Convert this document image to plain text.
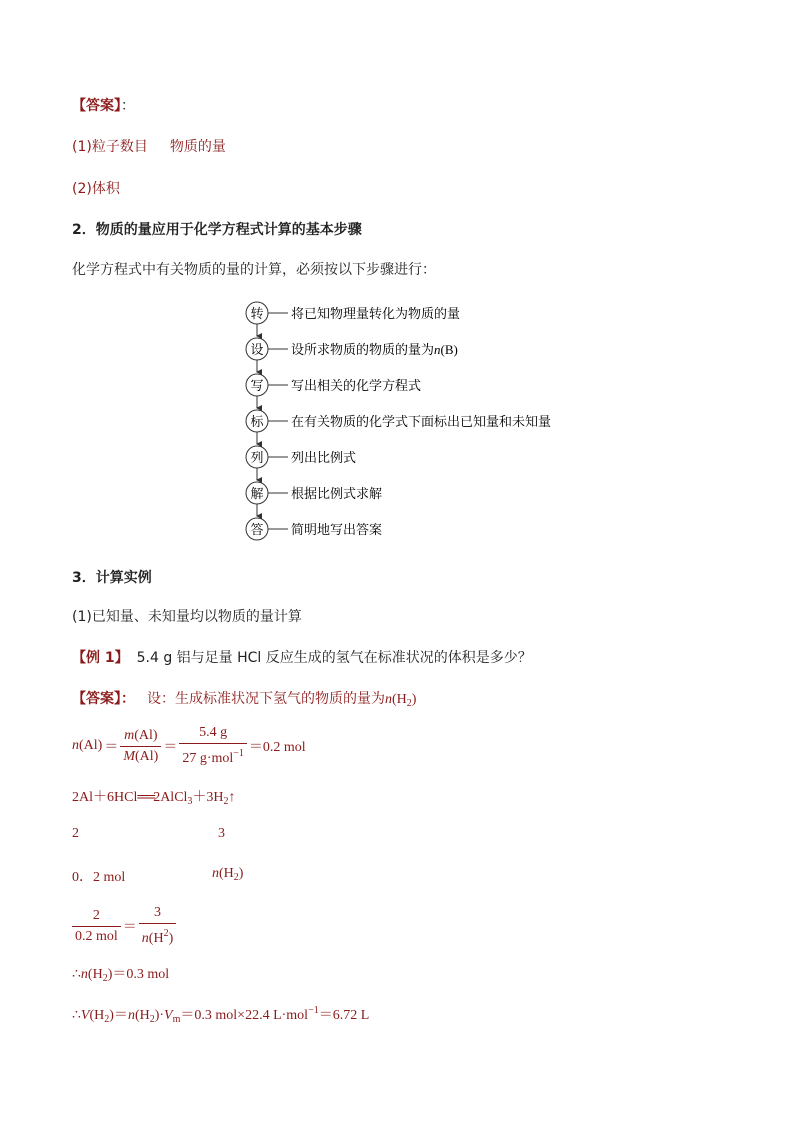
【答案】：
(1)粒子数目 物质的量
(2)体积
2．物质的量应用于化学方程式计算的基本步骤
化学方程式中有关物质的量的计算，必须按以下步骤进行：
转 将已知物理量转化为物质的量
设 设所求物质的物质的量为n(B)
写 写出相关的化学方程式
标 在有关物质的化学式下面标出已知量和未知量
列 列出比例式
解 根据比例式求解
答 简明地写出答案
3．计算实例
(1)已知量、未知量均以物质的量计算
【例 1】 5.4 g 铝与足量 HCl 反应生成的氢气在标准状况的体积是多少？
【答案】： 设：生成标准状况下氢气的物质的量为$n(H_2)$
$n(Al) = \frac{m(Al)}{M(Al)} = \frac{5.4 g}{27 g\cdot mol^{-1}} =0.2$ mol
$2Al+6HCl══2AlCl_3+3H_2↑$
2	3
0．2 mol	$n(H_2)$
$\frac{2}{\text{0.2 mol}} = \frac{3}{n(H^2)}$
$\therefore n(H_2)=0.3$ mol
$\therefore V(H_2)=n(H_2)\cdot V_m=0.3$ mol×22.4 L·mol$^{-1}$＝6.72 L
